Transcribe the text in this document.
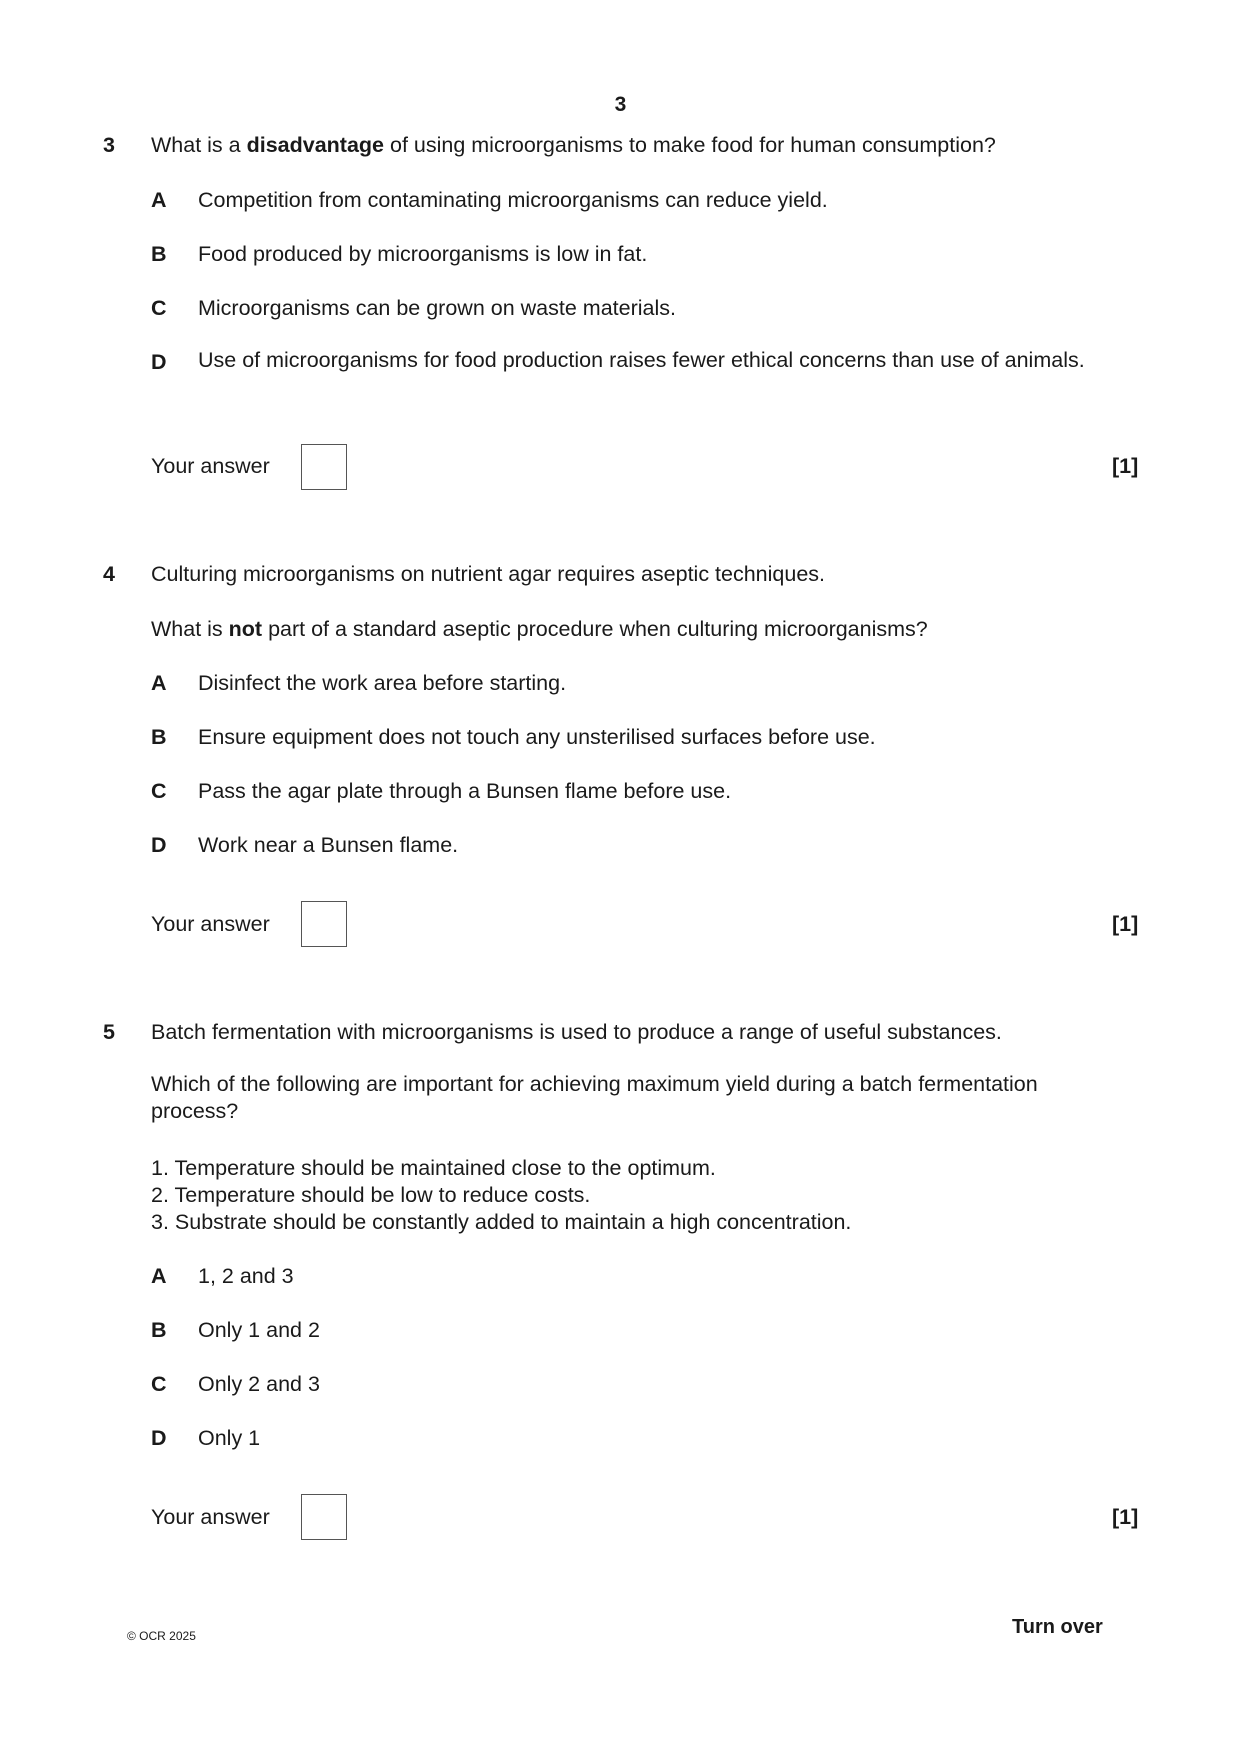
3
3 What is a disadvantage of using microorganisms to make food for human consumption?
A Competition from contaminating microorganisms can reduce yield.
B Food produced by microorganisms is low in fat.
C Microorganisms can be grown on waste materials.
D Use of microorganisms for food production raises fewer ethical concerns than use of animals.
Your answer	[1]
4 Culturing microorganisms on nutrient agar requires aseptic techniques.
What is not part of a standard aseptic procedure when culturing microorganisms?
A Disinfect the work area before starting.
B Ensure equipment does not touch any unsterilised surfaces before use.
C Pass the agar plate through a Bunsen flame before use.
D Work near a Bunsen flame.
Your answer	[1]
5 Batch fermentation with microorganisms is used to produce a range of useful substances.
Which of the following are important for achieving maximum yield during a batch fermentation process?
1. Temperature should be maintained close to the optimum.
2. Temperature should be low to reduce costs.
3. Substrate should be constantly added to maintain a high concentration.
A 1, 2 and 3
B Only 1 and 2
C Only 2 and 3
D Only 1
Your answer	[1]
© OCR 2025	Turn over
